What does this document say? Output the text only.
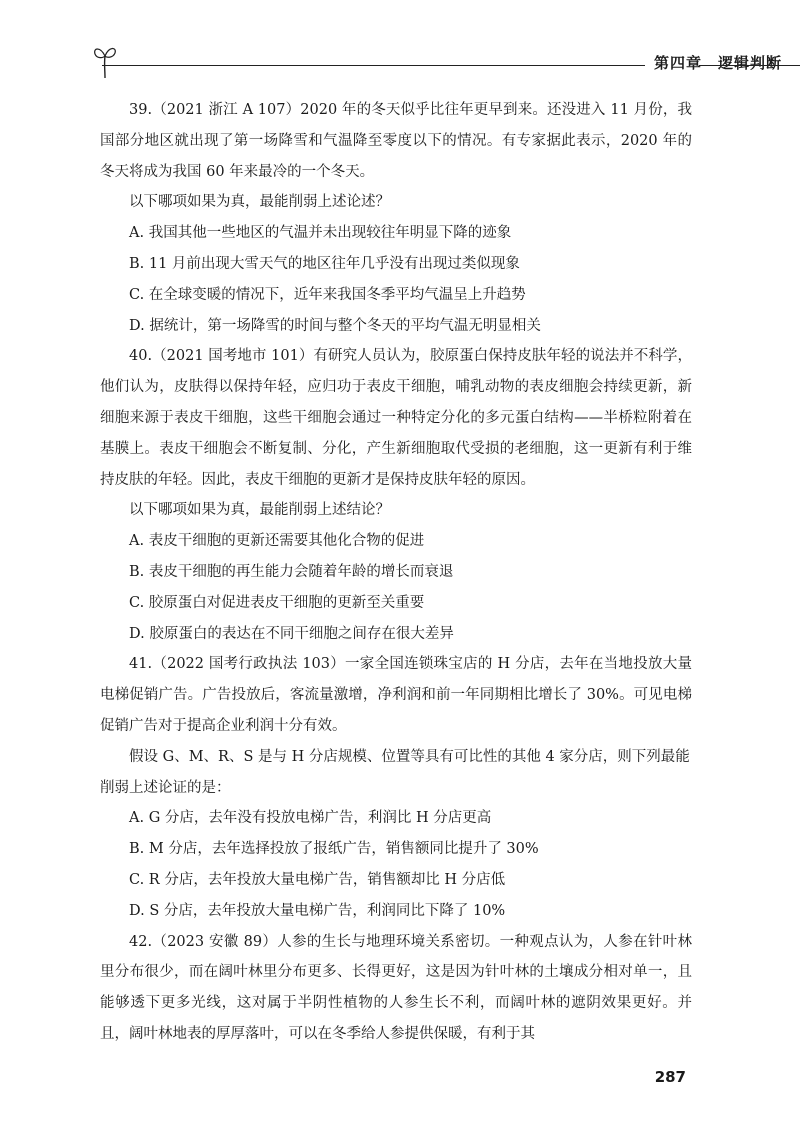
第四章　逻辑判断

39.（2021 浙江 A 107）2020 年的冬天似乎比往年更早到来。还没进入 11 月份，我国部分地区就出现了第一场降雪和气温降至零度以下的情况。有专家据此表示，2020 年的冬天将成为我国 60 年来最冷的一个冬天。

以下哪项如果为真，最能削弱上述论述？

A. 我国其他一些地区的气温并未出现较往年明显下降的迹象

B. 11 月前出现大雪天气的地区往年几乎没有出现过类似现象

C. 在全球变暖的情况下，近年来我国冬季平均气温呈上升趋势

D. 据统计，第一场降雪的时间与整个冬天的平均气温无明显相关

40.（2021 国考地市 101）有研究人员认为，胶原蛋白保持皮肤年轻的说法并不科学，他们认为，皮肤得以保持年轻，应归功于表皮干细胞，哺乳动物的表皮细胞会持续更新，新细胞来源于表皮干细胞，这些干细胞会通过一种特定分化的多元蛋白结构——半桥粒附着在基膜上。表皮干细胞会不断复制、分化，产生新细胞取代受损的老细胞，这一更新有利于维持皮肤的年轻。因此，表皮干细胞的更新才是保持皮肤年轻的原因。

以下哪项如果为真，最能削弱上述结论？

A. 表皮干细胞的更新还需要其他化合物的促进

B. 表皮干细胞的再生能力会随着年龄的增长而衰退

C. 胶原蛋白对促进表皮干细胞的更新至关重要

D. 胶原蛋白的表达在不同干细胞之间存在很大差异

41.（2022 国考行政执法 103）一家全国连锁珠宝店的 H 分店，去年在当地投放大量电梯促销广告。广告投放后，客流量激增，净利润和前一年同期相比增长了 30%。可见电梯促销广告对于提高企业利润十分有效。

假设 G、M、R、S 是与 H 分店规模、位置等具有可比性的其他 4 家分店，则下列最能削弱上述论证的是：

A. G 分店，去年没有投放电梯广告，利润比 H 分店更高

B. M 分店，去年选择投放了报纸广告，销售额同比提升了 30%

C. R 分店，去年投放大量电梯广告，销售额却比 H 分店低

D. S 分店，去年投放大量电梯广告，利润同比下降了 10%

42.（2023 安徽 89）人参的生长与地理环境关系密切。一种观点认为，人参在针叶林里分布很少，而在阔叶林里分布更多、长得更好，这是因为针叶林的土壤成分相对单一，且能够透下更多光线，这对属于半阴性植物的人参生长不利，而阔叶林的遮阴效果更好。并且，阔叶林地表的厚厚落叶，可以在冬季给人参提供保暖，有利于其

287
